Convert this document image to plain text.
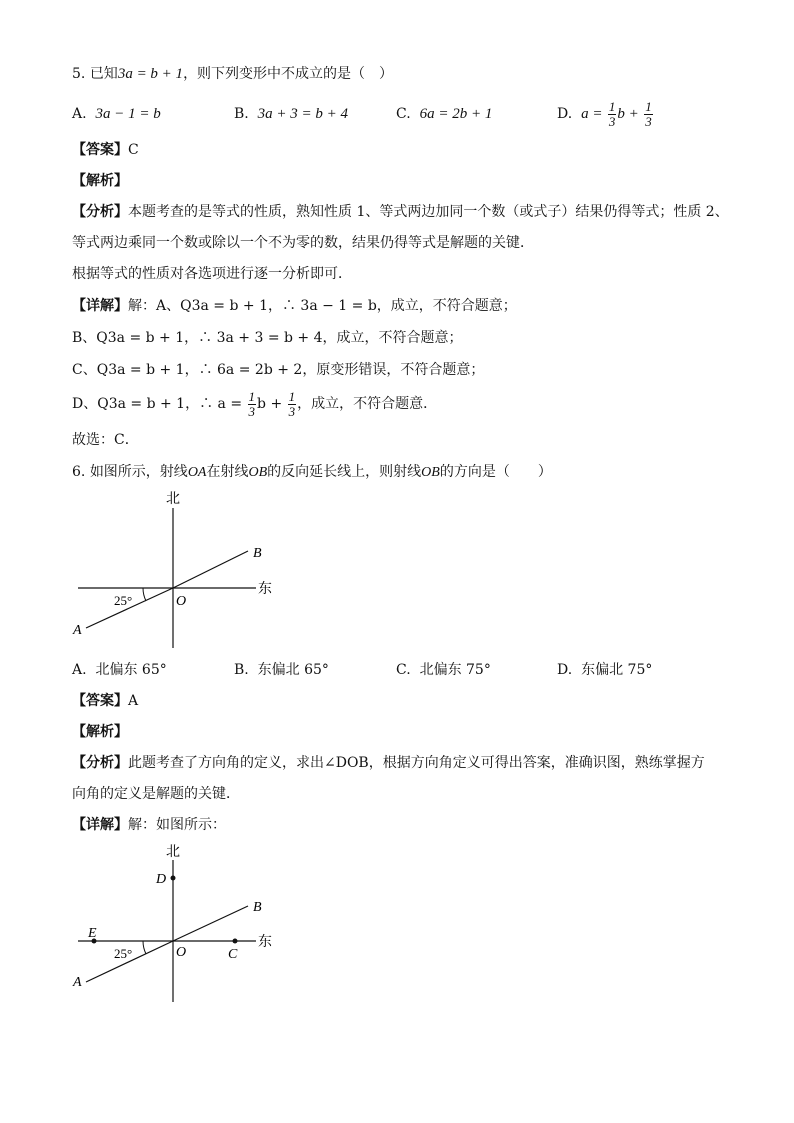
5. 已知3a = b + 1，则下列变形中不成立的是（　）
A. 3a − 1 = b	B. 3a + 3 = b + 4	C. 6a = 2b + 1	D. $a = \frac{1}{3}$ $b + \frac{1}{3}$
【答案】C
【解析】
【分析】本题考查的是等式的性质，熟知性质 1、等式两边加同一个数（或式子）结果仍得等式；性质 2、
等式两边乘同一个数或除以一个不为零的数，结果仍得等式是解题的关键．
根据等式的性质对各选项进行逐一分析即可．
【详解】解：A、Q3a = b + 1，∴ 3a − 1 = b，成立，不符合题意；
B、Q3a = b + 1，∴ 3a + 3 = b + 4，成立，不符合题意；
C、Q3a = b + 1，∴ 6a = 2b + 2，原变形错误，不符合题意；
D、Q3a = b + 1，∴ $a = \frac{1}{3}$ $b + \frac{1}{3}$ ，成立，不符合题意．
故选：C．
6. 如图所示，射线OA在射线OB的反向延长线上，则射线OB的方向是（　　）
北
东
25°	O
A
B
A. 北偏东 65°	B. 东偏北 65°	C. 北偏东 75°	D. 东偏北 75°
【答案】A
【解析】
【分析】此题考查了方向角的定义，求出∠DOB，根据方向角定义可得出答案，准确识图，熟练掌握方
向角的定义是解题的关键．
【详解】解：如图所示：
北
东
25°	O
A
B
C
D
E
